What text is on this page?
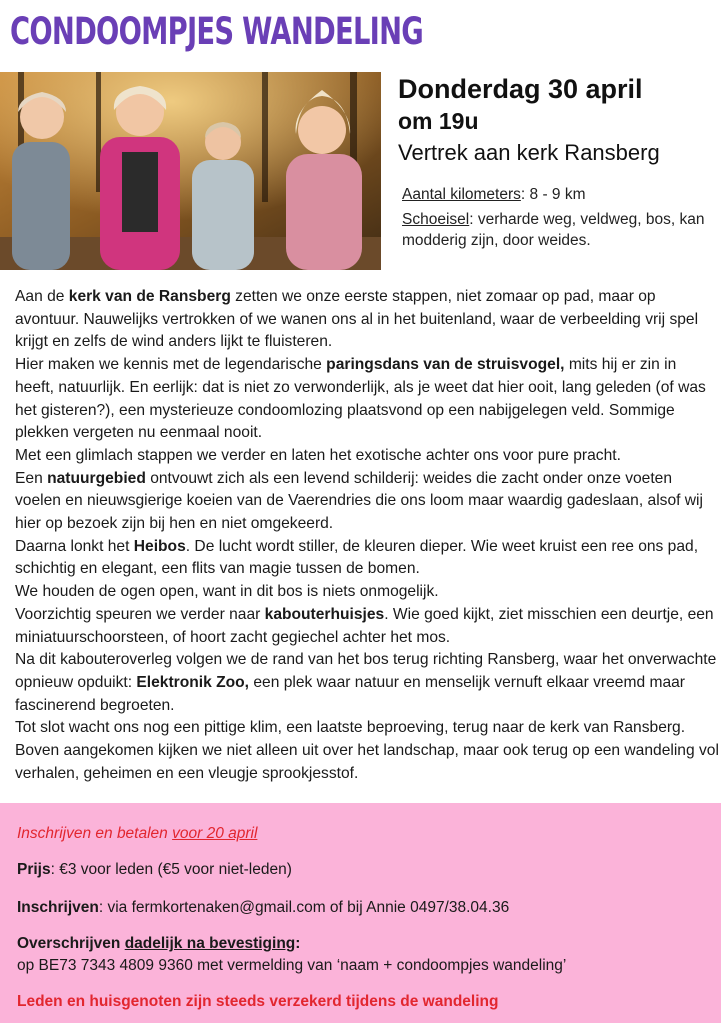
CONDOOMPJES WANDELING

Donderdag 30 april

om 19u

Vertrek aan kerk Ransberg

Aantal kilometers: 8 - 9 km

Schoeisel: verharde weg, veldweg, bos, kan modderig zijn, door weides.

Aan de kerk van de Ransberg zetten we onze eerste stappen, niet zomaar op pad, maar op avontuur. Nauwelijks vertrokken of we wanen ons al in het buitenland, waar de verbeelding vrij spel krijgt en zelfs de wind anders lijkt te fluisteren.

Hier maken we kennis met de legendarische paringsdans van de struisvogel, mits hij er zin in heeft, natuurlijk. En eerlijk: dat is niet zo verwonderlijk, als je weet dat hier ooit, lang geleden (of was het gisteren?), een mysterieuze condoomlozing plaatsvond op een nabijgelegen veld. Sommige plekken vergeten nu eenmaal nooit.

Met een glimlach stappen we verder en laten het exotische achter ons voor pure pracht.

Een natuurgebied ontvouwt zich als een levend schilderij: weides die zacht onder onze voeten voelen en nieuwsgierige koeien van de Vaerendries die ons loom maar waardig gadeslaan, alsof wij hier op bezoek zijn bij hen en niet omgekeerd.

Daarna lonkt het Heibos. De lucht wordt stiller, de kleuren dieper. Wie weet kruist een ree ons pad, schichtig en elegant, een flits van magie tussen de bomen.

We houden de ogen open, want in dit bos is niets onmogelijk.

Voorzichtig speuren we verder naar kabouterhuisjes. Wie goed kijkt, ziet misschien een deurtje, een miniatuurschoorsteen, of hoort zacht gegiechel achter het mos.

Na dit kabouteroverleg volgen we de rand van het bos terug richting Ransberg, waar het onverwachte opnieuw opduikt: Elektronik Zoo, een plek waar natuur en menselijk vernuft elkaar vreemd maar fascinerend begroeten.

Tot slot wacht ons nog een pittige klim, een laatste beproeving, terug naar de kerk van Ransberg. Boven aangekomen kijken we niet alleen uit over het landschap, maar ook terug op een wandeling vol verhalen, geheimen en een vleugje sprookjesstof.

Inschrijven en betalen voor 20 april

Prijs: €3 voor leden (€5 voor niet-leden)

Inschrijven: via fermkortenaken@gmail.com of bij Annie 0497/38.04.36

Overschrijven dadelijk na bevestiging:

op BE73 7343 4809 9360 met vermelding van ‘naam + condoompjes wandeling’

Leden en huisgenoten zijn steeds verzekerd tijdens de wandeling
